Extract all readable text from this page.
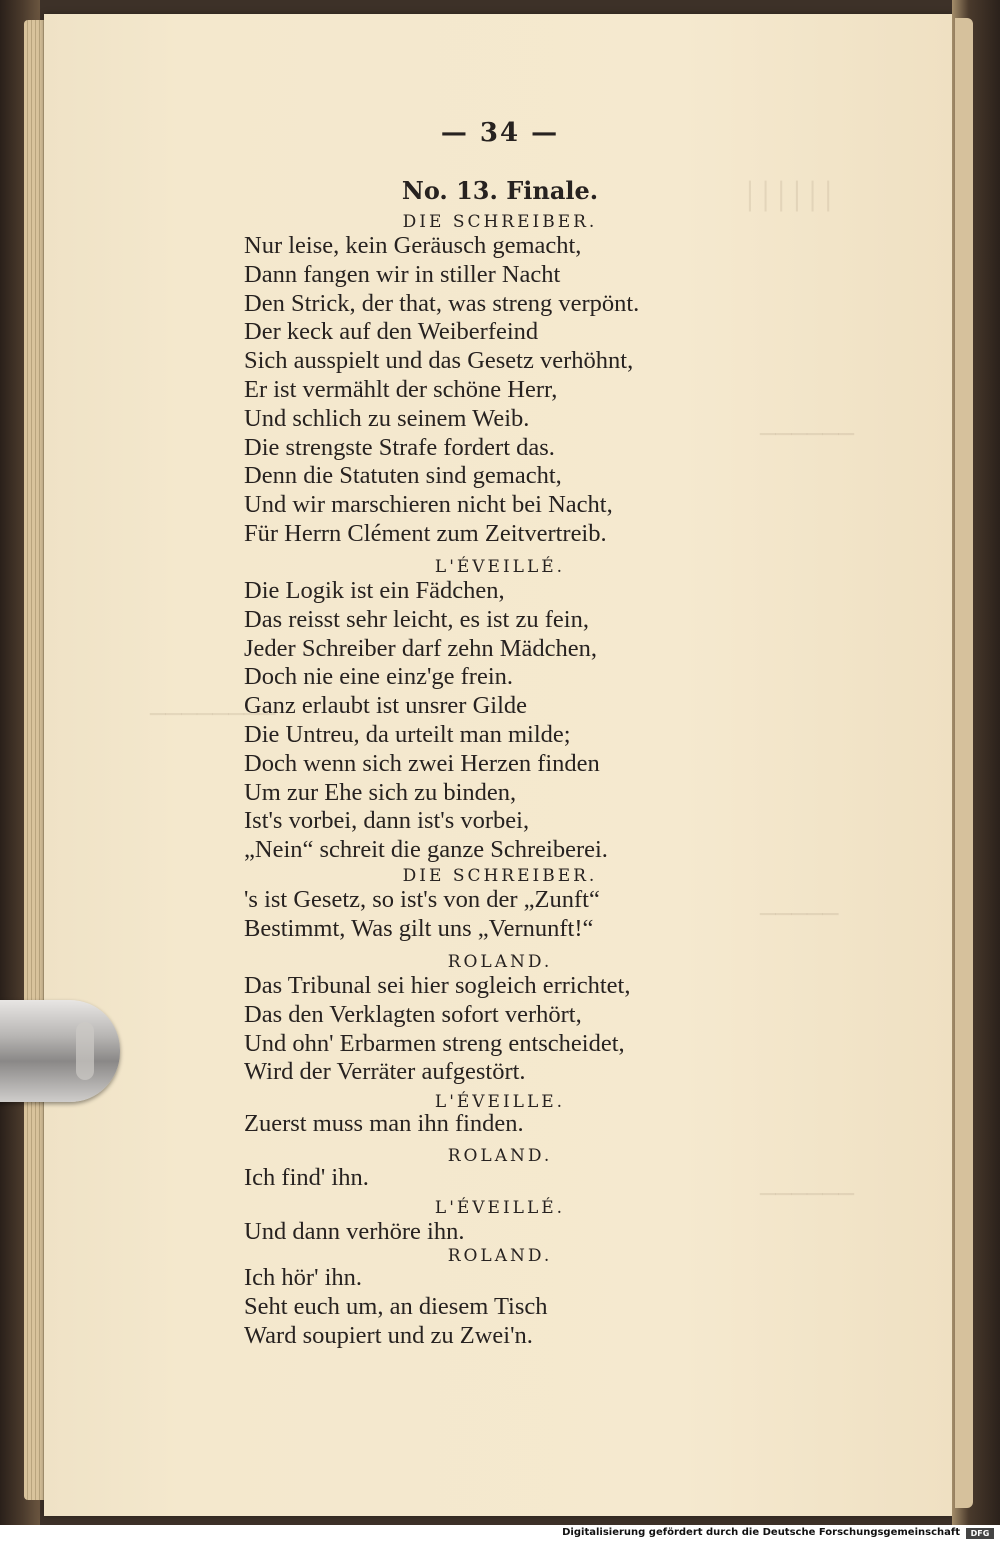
││││││
──────
────────
─────
──────
— 34 —
No. 13. Finale.
DIE SCHREIBER.
Nur leise, kein Geräusch gemacht,
Dann fangen wir in stiller Nacht
Den Strick, der that, was streng verpönt.
Der keck auf den Weiberfeind
Sich ausspielt und das Gesetz verhöhnt,
Er ist vermählt der schöne Herr,
Und schlich zu seinem Weib.
Die strengste Strafe fordert das.
Denn die Statuten sind gemacht,
Und wir marschieren nicht bei Nacht,
Für Herrn Clément zum Zeitvertreib.
L'ÉVEILLÉ.
Die Logik ist ein Fädchen,
Das reisst sehr leicht, es ist zu fein,
Jeder Schreiber darf zehn Mädchen,
Doch nie eine einz'ge frein.
Ganz erlaubt ist unsrer Gilde
Die Untreu, da urteilt man milde;
Doch wenn sich zwei Herzen finden
Um zur Ehe sich zu binden,
Ist's vorbei, dann ist's vorbei,
„Nein“ schreit die ganze Schreiberei.
DIE SCHREIBER.
's ist Gesetz, so ist's von der „Zunft“
Bestimmt, Was gilt uns „Vernunft!“
ROLAND.
Das Tribunal sei hier sogleich errichtet,
Das den Verklagten sofort verhört,
Und ohn' Erbarmen streng entscheidet,
Wird der Verräter aufgestört.
L'ÉVEILLE.
Zuerst muss man ihn finden.
ROLAND.
Ich find' ihn.
L'ÉVEILLÉ.
Und dann verhöre ihn.
ROLAND.
Ich hör' ihn.
Seht euch um, an diesem Tisch
Ward soupiert und zu Zwei'n.
Digitalisierung gefördert durch die Deutsche Forschungsgemeinschaft	DFG
